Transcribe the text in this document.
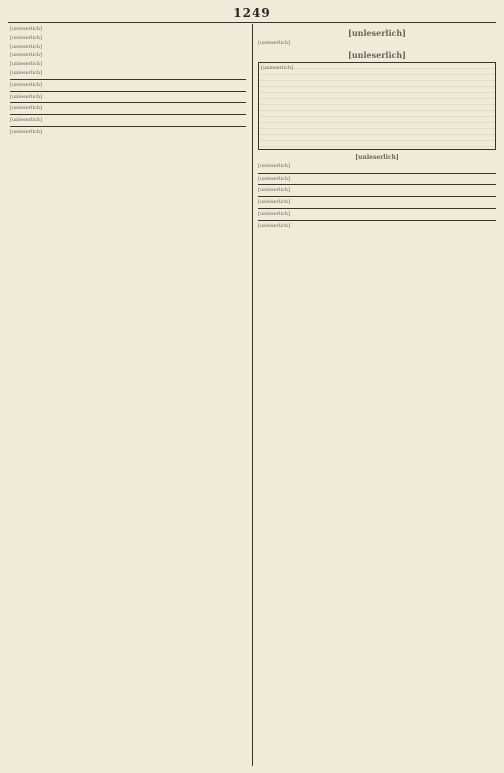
1249

[unleserlich]

[unleserlich]

[unleserlich]

[unleserlich]

[unleserlich]

[unleserlich]

[unleserlich]
[unleserlich]
[unleserlich]
[unleserlich]
[unleserlich]
[unleserlich]
[unleserlich]
[unleserlich]
[unleserlich]
[unleserlich]
[unleserlich]
[unleserlich]
[unleserlich]
[unleserlich]
[unleserlich]
[unleserlich]
